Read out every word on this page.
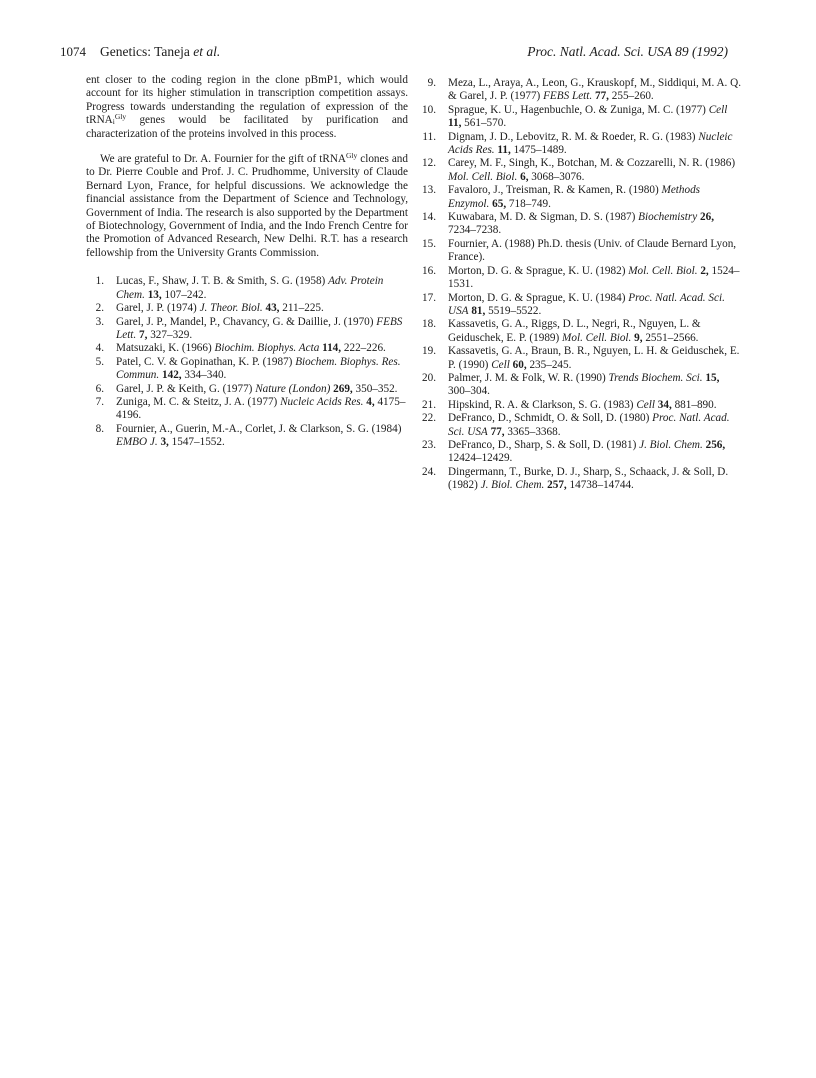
1074 Genetics: Taneja et al.	Proc. Natl. Acad. Sci. USA 89 (1992)

ent closer to the coding region in the clone pBmP1, which would account for its higher stimulation in transcription competition assays. Progress towards understanding the regulation of expression of the tRNA$_i^{Gly}$ genes would be facilitated by purification and characterization of the proteins involved in this process.

We are grateful to Dr. A. Fournier for the gift of tRNA$^{Gly}$ clones and to Dr. Pierre Couble and Prof. J. C. Prudhomme, University of Claude Bernard Lyon, France, for helpful discussions. We acknowledge the financial assistance from the Department of Science and Technology, Government of India. The research is also supported by the Department of Biotechnology, Government of India, and the Indo French Centre for the Promotion of Advanced Research, New Delhi. R.T. has a research fellowship from the University Grants Commission.

1. Lucas, F., Shaw, J. T. B. & Smith, S. G. (1958) Adv. Protein Chem. 13, 107–242.
2. Garel, J. P. (1974) J. Theor. Biol. 43, 211–225.
3. Garel, J. P., Mandel, P., Chavancy, G. & Daillie, J. (1970) FEBS Lett. 7, 327–329.
4. Matsuzaki, K. (1966) Biochim. Biophys. Acta 114, 222–226.
5. Patel, C. V. & Gopinathan, K. P. (1987) Biochem. Biophys. Res. Commun. 142, 334–340.
6. Garel, J. P. & Keith, G. (1977) Nature (London) 269, 350–352.
7. Zuniga, M. C. & Steitz, J. A. (1977) Nucleic Acids Res. 4, 4175–4196.
8. Fournier, A., Guerin, M.-A., Corlet, J. & Clarkson, S. G. (1984) EMBO J. 3, 1547–1552.
9. Meza, L., Araya, A., Leon, G., Krauskopf, M., Siddiqui, M. A. Q. & Garel, J. P. (1977) FEBS Lett. 77, 255–260.
10. Sprague, K. U., Hagenbuchle, O. & Zuniga, M. C. (1977) Cell 11, 561–570.
11. Dignam, J. D., Lebovitz, R. M. & Roeder, R. G. (1983) Nucleic Acids Res. 11, 1475–1489.
12. Carey, M. F., Singh, K., Botchan, M. & Cozzarelli, N. R. (1986) Mol. Cell. Biol. 6, 3068–3076.
13. Favaloro, J., Treisman, R. & Kamen, R. (1980) Methods Enzymol. 65, 718–749.
14. Kuwabara, M. D. & Sigman, D. S. (1987) Biochemistry 26, 7234–7238.
15. Fournier, A. (1988) Ph.D. thesis (Univ. of Claude Bernard Lyon, France).
16. Morton, D. G. & Sprague, K. U. (1982) Mol. Cell. Biol. 2, 1524–1531.
17. Morton, D. G. & Sprague, K. U. (1984) Proc. Natl. Acad. Sci. USA 81, 5519–5522.
18. Kassavetis, G. A., Riggs, D. L., Negri, R., Nguyen, L. & Geiduschek, E. P. (1989) Mol. Cell. Biol. 9, 2551–2566.
19. Kassavetis, G. A., Braun, B. R., Nguyen, L. H. & Geiduschek, E. P. (1990) Cell 60, 235–245.
20. Palmer, J. M. & Folk, W. R. (1990) Trends Biochem. Sci. 15, 300–304.
21. Hipskind, R. A. & Clarkson, S. G. (1983) Cell 34, 881–890.
22. DeFranco, D., Schmidt, O. & Soll, D. (1980) Proc. Natl. Acad. Sci. USA 77, 3365–3368.
23. DeFranco, D., Sharp, S. & Soll, D. (1981) J. Biol. Chem. 256, 12424–12429.
24. Dingermann, T., Burke, D. J., Sharp, S., Schaack, J. & Soll, D. (1982) J. Biol. Chem. 257, 14738–14744.
